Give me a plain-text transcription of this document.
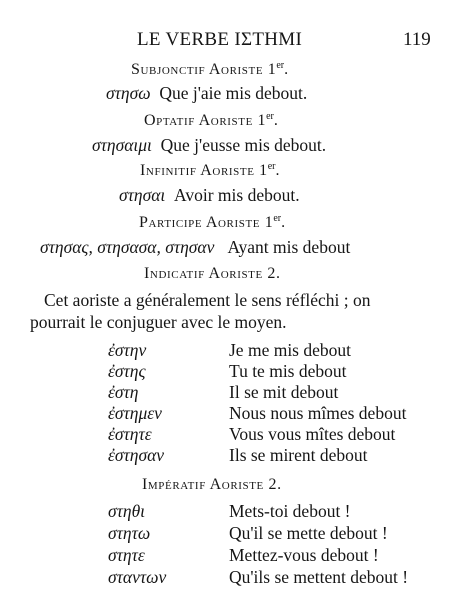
LE VERBE ΙΣΤΗΜΙ	119
Subjonctif Aoriste 1er.
στησω Que j'aie mis debout.
Optatif Aoriste 1er.
στησαιμι Que j'eusse mis debout.
Infinitif Aoriste 1er.
στησαι Avoir mis debout.
Participe Aoriste 1er.
στησας, στησασα, στησαν Ayant mis debout
Indicatif Aoriste 2.
Cet aoriste a généralement le sens réfléchi ; on
pourrait le conjuguer avec le moyen.
ἐστην	Je me mis debout
ἐστης	Tu te mis debout
ἐστη	Il se mit debout
ἐστημεν	Nous nous mîmes debout
ἐστητε	Vous vous mîtes debout
ἐστησαν	Ils se mirent debout
Impératif Aoriste 2.
στηθι	Mets-toi debout !
στητω	Qu'il se mette debout !
στητε	Mettez-vous debout !
σταντων	Qu'ils se mettent debout !
